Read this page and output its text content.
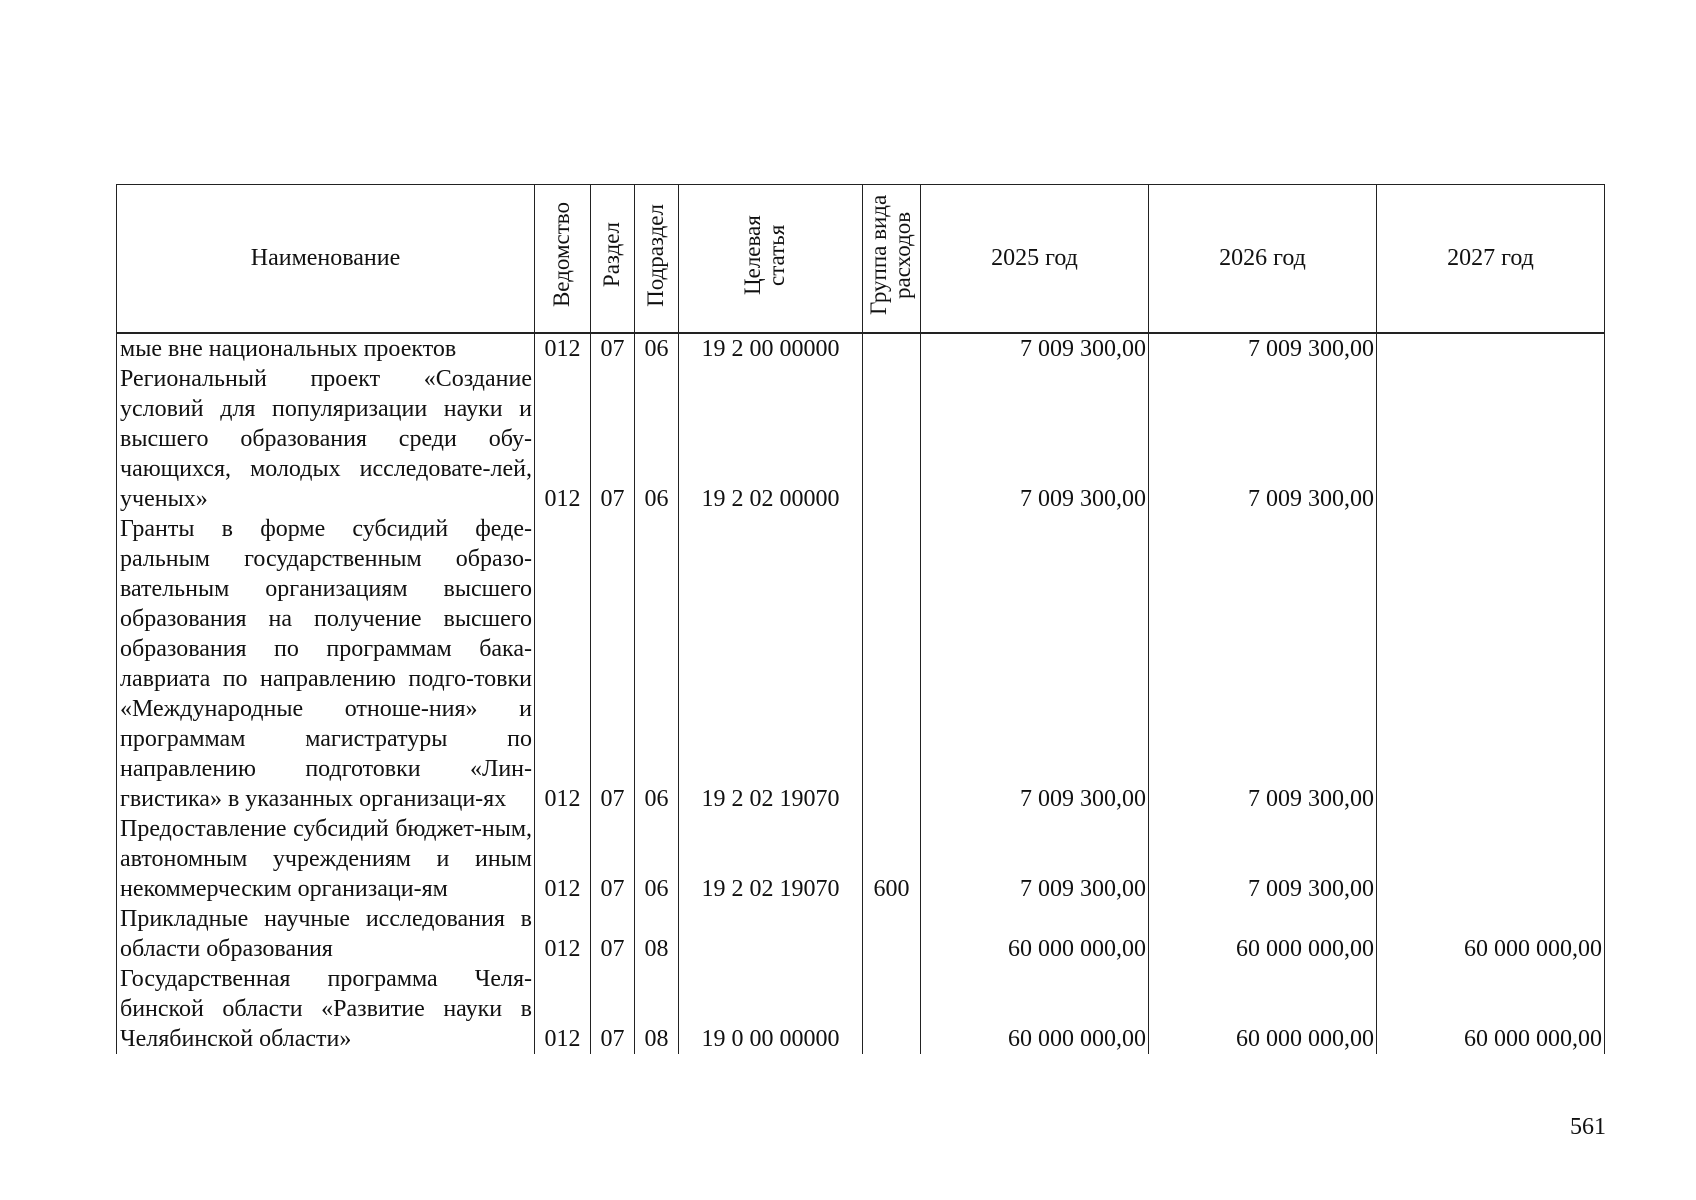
Наименование	Ведомство	Раздел	Подраздел	Целевая статья	Группа вида расходов	2025 год	2026 год	2027 год
мые вне национальных проектов	012	07	06	19 2 00 00000		7 009 300,00	7 009 300,00	
Региональный проект «Создание условий для популяризации науки и высшего образования среди обу-чающихся, молодых исследовате-лей, ученых»	012	07	06	19 2 02 00000		7 009 300,00	7 009 300,00	
Гранты в форме субсидий феде-ральным государственным образо-вательным организациям высшего образования на получение высшего образования по программам бака-лавриата по направлению подго-товки «Международные отноше-ния» и программам магистратуры по направлению подготовки «Лин-гвистика» в указанных организаци-ях	012	07	06	19 2 02 19070		7 009 300,00	7 009 300,00	
Предоставление субсидий бюджет-ным, автономным учреждениям и иным некоммерческим организаци-ям	012	07	06	19 2 02 19070	600	7 009 300,00	7 009 300,00	
Прикладные научные исследования в области образования	012	07	08			60 000 000,00	60 000 000,00	60 000 000,00
Государственная программа Челя-бинской области «Развитие науки в Челябинской области»	012	07	08	19 0 00 00000		60 000 000,00	60 000 000,00	60 000 000,00
561
